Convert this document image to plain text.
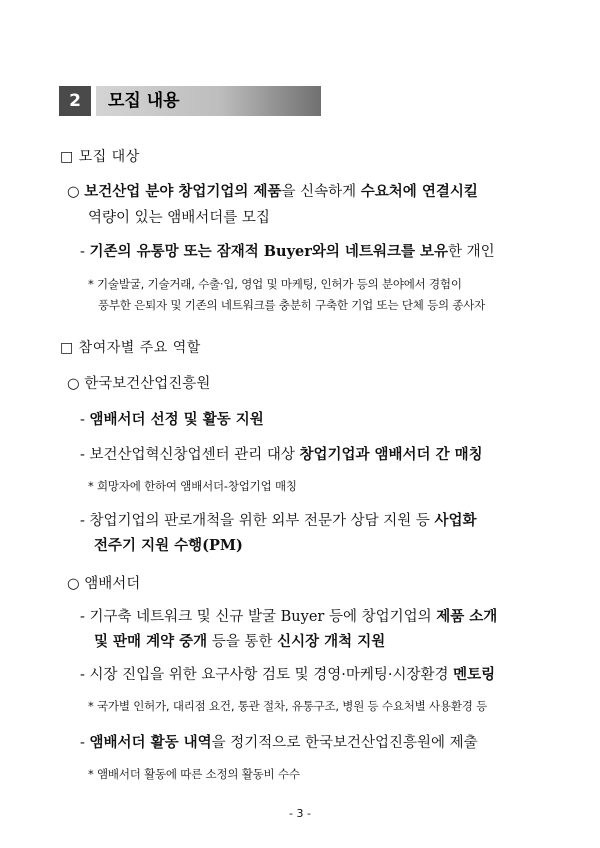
2	모집 내용
□ 모집 대상
○ 보건산업 분야 창업기업의 제품을 신속하게 수요처에 연결시킬
역량이 있는 앰배서더를 모집
- 기존의 유통망 또는 잠재적 Buyer와의 네트워크를 보유한 개인
* 기술발굴, 기술거래, 수출·입, 영업 및 마케팅, 인허가 등의 분야에서 경험이
풍부한 은퇴자 및 기존의 네트워크를 충분히 구축한 기업 또는 단체 등의 종사자
□ 참여자별 주요 역할
○ 한국보건산업진흥원
- 앰배서더 선정 및 활동 지원
- 보건산업혁신창업센터 관리 대상 창업기업과 앰배서더 간 매칭
* 희망자에 한하여 앰배서더-창업기업 매칭
- 창업기업의 판로개척을 위한 외부 전문가 상담 지원 등 사업화
전주기 지원 수행(PM)
○ 앰배서더
- 기구축 네트워크 및 신규 발굴 Buyer 등에 창업기업의 제품 소개
및 판매 계약 중개 등을 통한 신시장 개척 지원
- 시장 진입을 위한 요구사항 검토 및 경영·마케팅·시장환경 멘토링
* 국가별 인허가, 대리점 요건, 통관 절차, 유통구조, 병원 등 수요처별 사용환경 등
- 앰배서더 활동 내역을 정기적으로 한국보건산업진흥원에 제출
* 앰배서더 활동에 따른 소정의 활동비 수수
- 3 -
